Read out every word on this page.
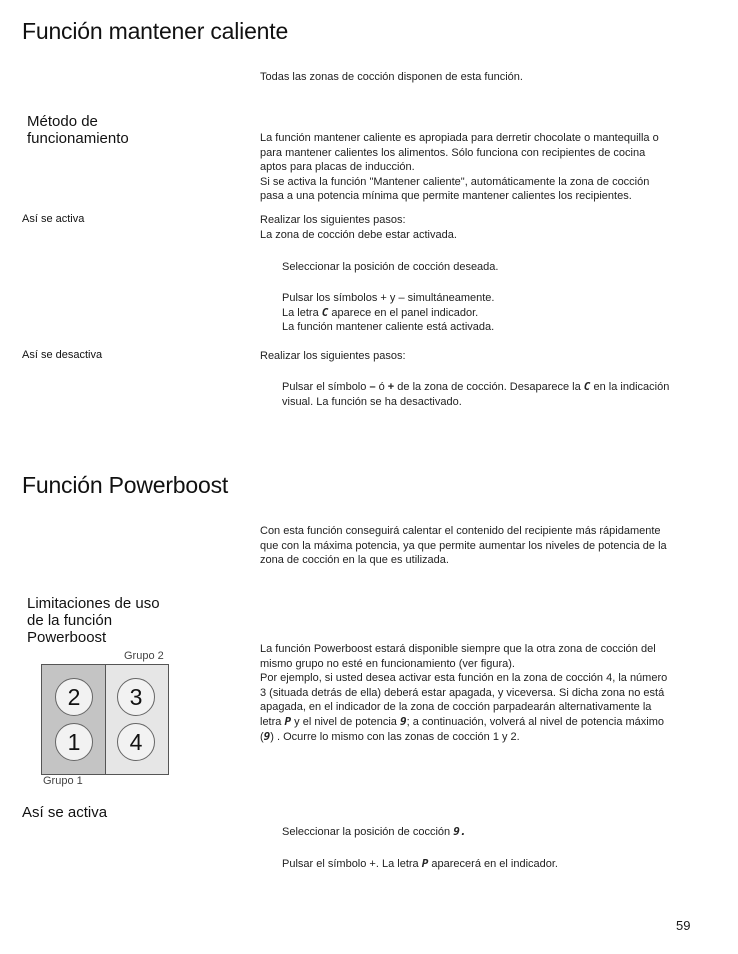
Función mantener caliente
Todas las zonas de cocción disponen de esta función.
Método de
funcionamiento	La función mantener caliente es apropiada para derretir chocolate o mantequilla o
para mantener calientes los alimentos. Sólo funciona con recipientes de cocina
aptos para placas de inducción.
Si se activa la función "Mantener caliente", automáticamente la zona de cocción
pasa a una potencia mínima que permite mantener calientes los recipientes.
Así se activa	Realizar los siguientes pasos:
La zona de cocción debe estar activada.
Seleccionar la posición de cocción deseada.
Pulsar los símbolos + y – simultáneamente.
La letra C aparece en el panel indicador.
La función mantener caliente está activada.
Así se desactiva	Realizar los siguientes pasos:
Pulsar el símbolo – ó + de la zona de cocción. Desaparece la C en la indicación
visual. La función se ha desactivado.
Función Powerboost
Con esta función conseguirá calentar el contenido del recipiente más rápidamente
que con la máxima potencia, ya que permite aumentar los niveles de potencia de la
zona de cocción en la que es utilizada.
Limitaciones de uso
de la función
Powerboost
La función Powerboost estará disponible siempre que la otra zona de cocción del
mismo grupo no esté en funcionamiento (ver figura).
Por ejemplo, si usted desea activar esta función en la zona de cocción 4, la número
3 (situada detrás de ella) deberá estar apagada, y viceversa. Si dicha zona no está
apagada, en el indicador de la zona de cocción parpadearán alternativamente la
letra P y el nivel de potencia 9; a continuación, volverá al nivel de potencia máximo
(9) . Ocurre lo mismo con las zonas de cocción 1 y 2.
Grupo 2
2	3
1	4
Grupo 1
Así se activa
Seleccionar la posición de cocción 9.
Pulsar el símbolo +. La letra P aparecerá en el indicador.
59
